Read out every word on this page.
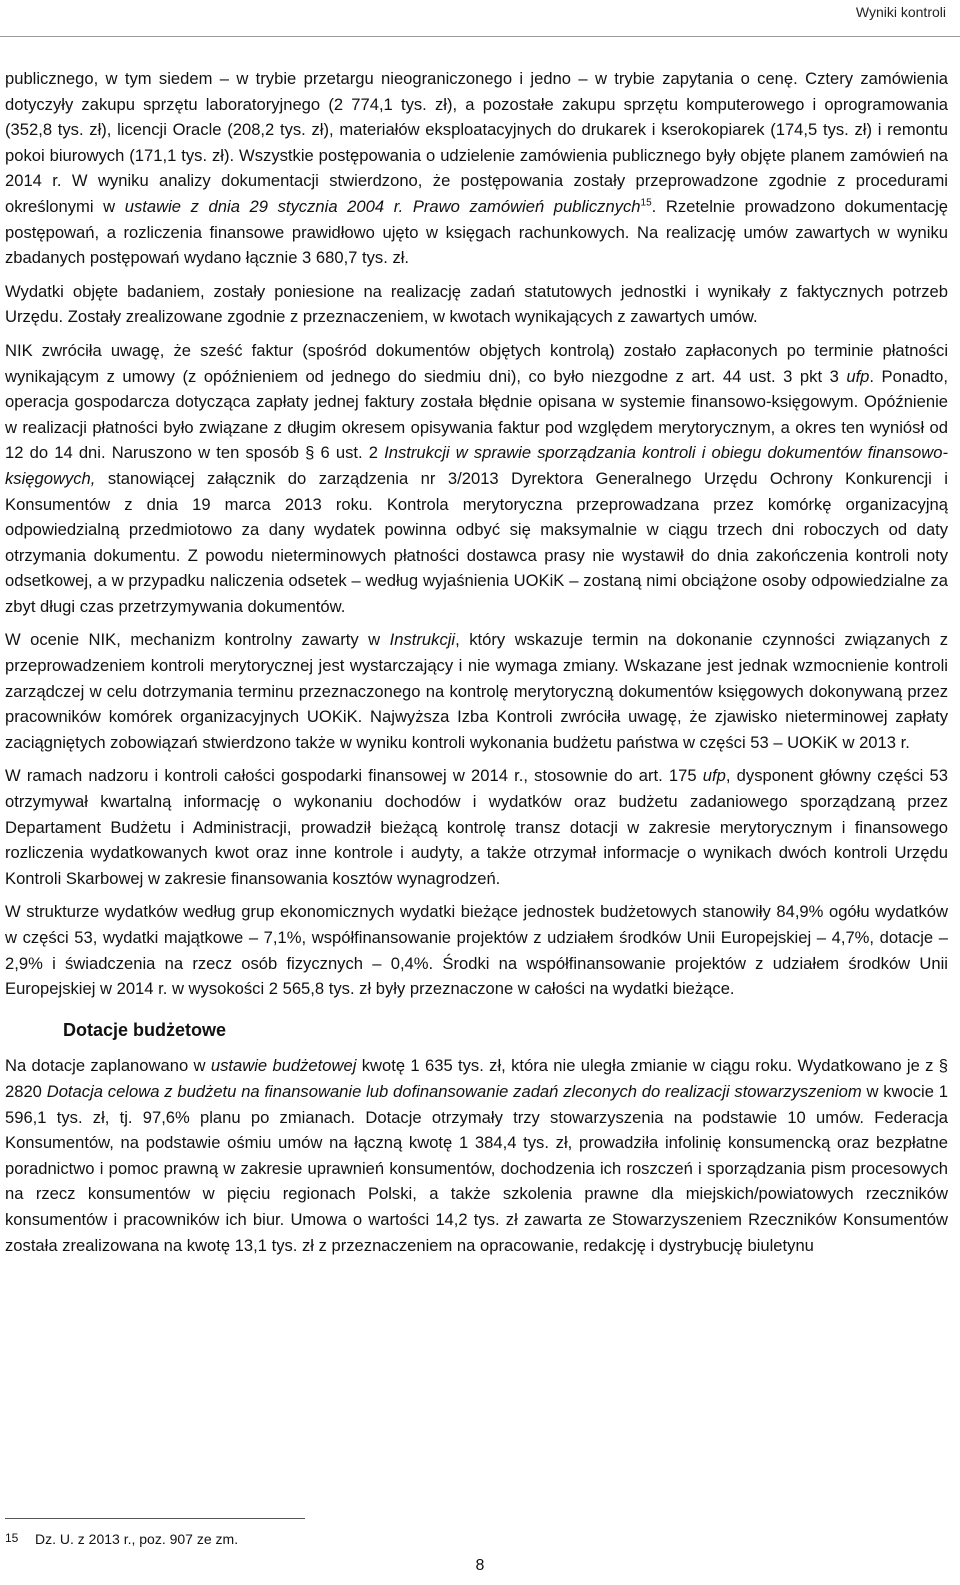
Wyniki kontroli

publicznego, w tym siedem – w trybie przetargu nieograniczonego i jedno – w trybie zapytania o cenę. Cztery zamówienia dotyczyły zakupu sprzętu laboratoryjnego (2 774,1 tys. zł), a pozostałe zakupu sprzętu komputerowego i oprogramowania (352,8 tys. zł), licencji Oracle (208,2 tys. zł), materiałów eksploatacyjnych do drukarek i kserokopiarek (174,5 tys. zł) i remontu pokoi biurowych (171,1 tys. zł). Wszystkie postępowania o udzielenie zamówienia publicznego były objęte planem zamówień na 2014 r. W wyniku analizy dokumentacji stwierdzono, że postępowania zostały przeprowadzone zgodnie z procedurami określonymi w ustawie z dnia 29 stycznia 2004 r. Prawo zamówień publicznych$^{15}$. Rzetelnie prowadzono dokumentację postępowań, a rozliczenia finansowe prawidłowo ujęto w księgach rachunkowych. Na realizację umów zawartych w wyniku zbadanych postępowań wydano łącznie 3 680,7 tys. zł.

Wydatki objęte badaniem, zostały poniesione na realizację zadań statutowych jednostki i wynikały z faktycznych potrzeb Urzędu. Zostały zrealizowane zgodnie z przeznaczeniem, w kwotach wynikających z zawartych umów.

NIK zwróciła uwagę, że sześć faktur (spośród dokumentów objętych kontrolą) zostało zapłaconych po terminie płatności wynikającym z umowy (z opóźnieniem od jednego do siedmiu dni), co było niezgodne z art. 44 ust. 3 pkt 3 ufp. Ponadto, operacja gospodarcza dotycząca zapłaty jednej faktury została błędnie opisana w systemie finansowo-księgowym. Opóźnienie w realizacji płatności było związane z długim okresem opisywania faktur pod względem merytorycznym, a okres ten wyniósł od 12 do 14 dni. Naruszono w ten sposób § 6 ust. 2 Instrukcji w sprawie sporządzania kontroli i obiegu dokumentów finansowo-księgowych, stanowiącej załącznik do zarządzenia nr 3/2013 Dyrektora Generalnego Urzędu Ochrony Konkurencji i Konsumentów z dnia 19 marca 2013 roku. Kontrola merytoryczna przeprowadzana przez komórkę organizacyjną odpowiedzialną przedmiotowo za dany wydatek powinna odbyć się maksymalnie w ciągu trzech dni roboczych od daty otrzymania dokumentu. Z powodu nieterminowych płatności dostawca prasy nie wystawił do dnia zakończenia kontroli noty odsetkowej, a w przypadku naliczenia odsetek – według wyjaśnienia UOKiK – zostaną nimi obciążone osoby odpowiedzialne za zbyt długi czas przetrzymywania dokumentów.

W ocenie NIK, mechanizm kontrolny zawarty w Instrukcji, który wskazuje termin na dokonanie czynności związanych z przeprowadzeniem kontroli merytorycznej jest wystarczający i nie wymaga zmiany. Wskazane jest jednak wzmocnienie kontroli zarządczej w celu dotrzymania terminu przeznaczonego na kontrolę merytoryczną dokumentów księgowych dokonywaną przez pracowników komórek organizacyjnych UOKiK. Najwyższa Izba Kontroli zwróciła uwagę, że zjawisko nieterminowej zapłaty zaciągniętych zobowiązań stwierdzono także w wyniku kontroli wykonania budżetu państwa w części 53 – UOKiK w 2013 r.

W ramach nadzoru i kontroli całości gospodarki finansowej w 2014 r., stosownie do art. 175 ufp, dysponent główny części 53 otrzymywał kwartalną informację o wykonaniu dochodów i wydatków oraz budżetu zadaniowego sporządzaną przez Departament Budżetu i Administracji, prowadził bieżącą kontrolę transz dotacji w zakresie merytorycznym i finansowego rozliczenia wydatkowanych kwot oraz inne kontrole i audyty, a także otrzymał informacje o wynikach dwóch kontroli Urzędu Kontroli Skarbowej w zakresie finansowania kosztów wynagrodzeń.

W strukturze wydatków według grup ekonomicznych wydatki bieżące jednostek budżetowych stanowiły 84,9% ogółu wydatków w części 53, wydatki majątkowe – 7,1%, współfinansowanie projektów z udziałem środków Unii Europejskiej – 4,7%, dotacje – 2,9% i świadczenia na rzecz osób fizycznych – 0,4%. Środki na współfinansowanie projektów z udziałem środków Unii Europejskiej w 2014 r. w wysokości 2 565,8 tys. zł były przeznaczone w całości na wydatki bieżące.

Dotacje budżetowe

Na dotacje zaplanowano w ustawie budżetowej kwotę 1 635 tys. zł, która nie uległa zmianie w ciągu roku. Wydatkowano je z § 2820 Dotacja celowa z budżetu na finansowanie lub dofinansowanie zadań zleconych do realizacji stowarzyszeniom w kwocie 1 596,1 tys. zł, tj. 97,6% planu po zmianach. Dotacje otrzymały trzy stowarzyszenia na podstawie 10 umów. Federacja Konsumentów, na podstawie ośmiu umów na łączną kwotę 1 384,4 tys. zł, prowadziła infolinię konsumencką oraz bezpłatne poradnictwo i pomoc prawną w zakresie uprawnień konsumentów, dochodzenia ich roszczeń i sporządzania pism procesowych na rzecz konsumentów w pięciu regionach Polski, a także szkolenia prawne dla miejskich/powiatowych rzeczników konsumentów i pracowników ich biur. Umowa o wartości 14,2 tys. zł zawarta ze Stowarzyszeniem Rzeczników Konsumentów została zrealizowana na kwotę 13,1 tys. zł z przeznaczeniem na opracowanie, redakcję i dystrybucję biuletynu

15 Dz. U. z 2013 r., poz. 907 ze zm.
8
